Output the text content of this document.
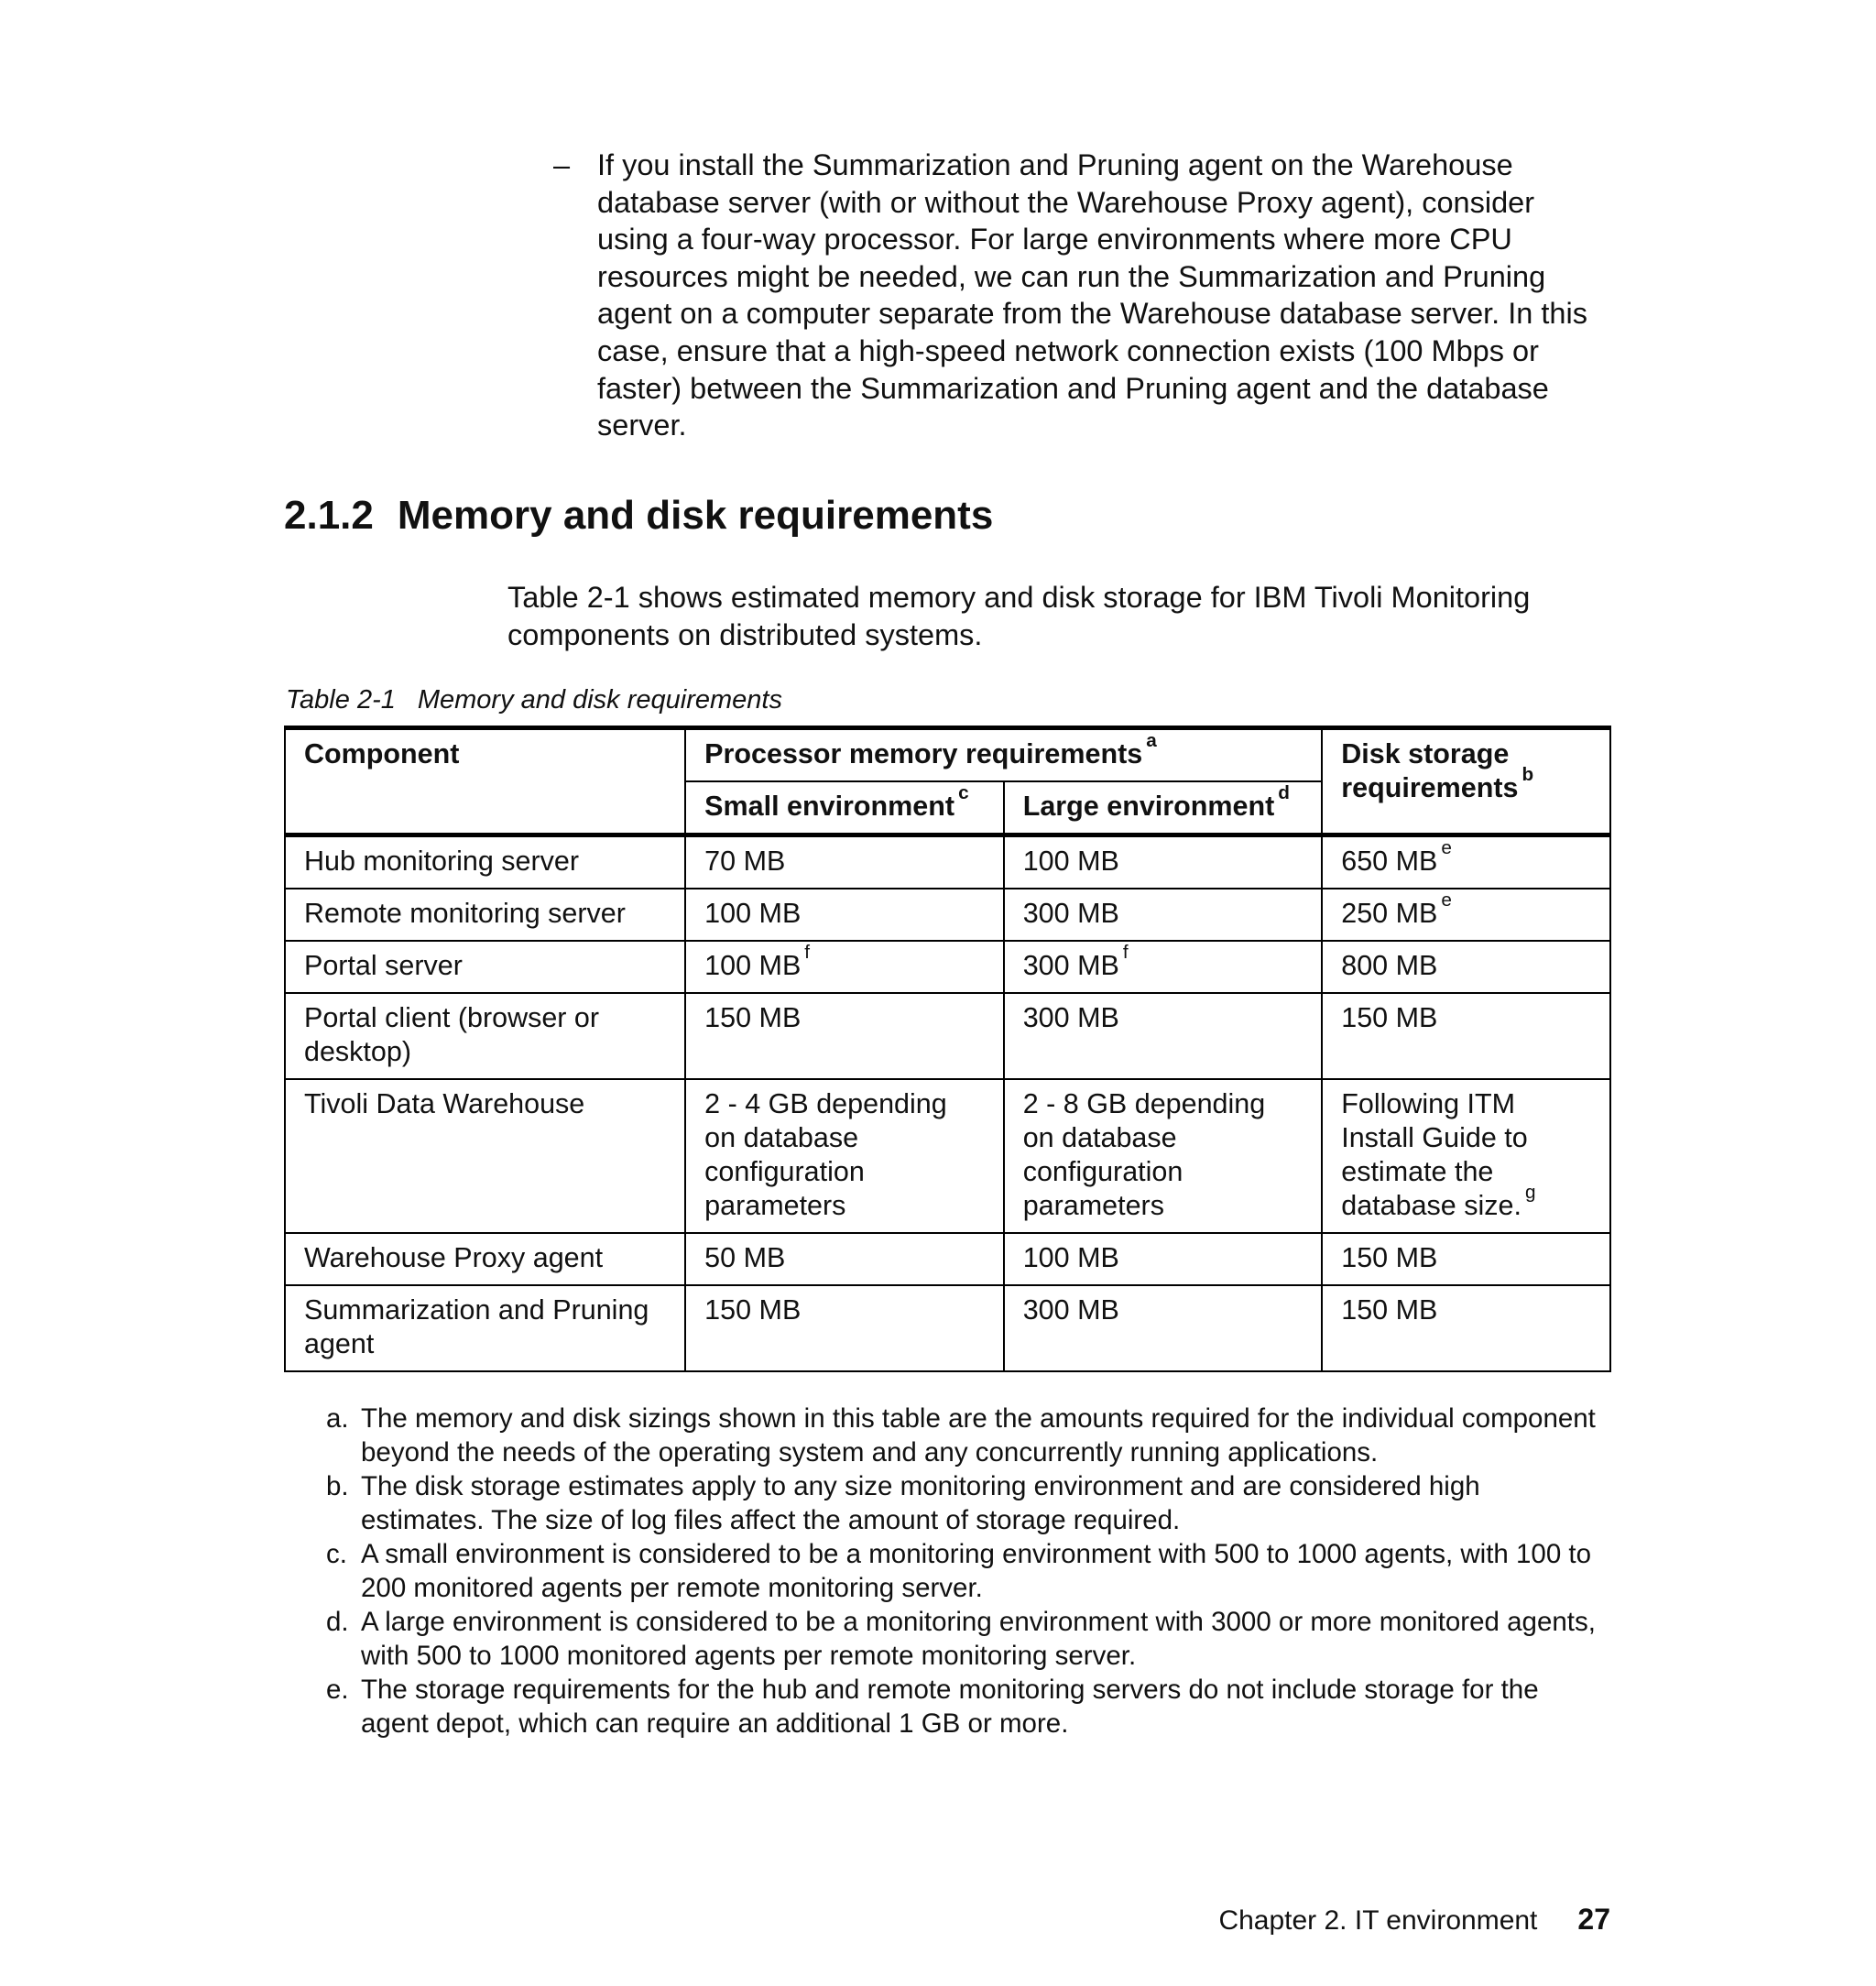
– If you install the Summarization and Pruning agent on the Warehouse database server (with or without the Warehouse Proxy agent), consider using a four-way processor. For large environments where more CPU resources might be needed, we can run the Summarization and Pruning agent on a computer separate from the Warehouse database server. In this case, ensure that a high-speed network connection exists (100 Mbps or faster) between the Summarization and Pruning agent and the database server.
2.1.2 Memory and disk requirements

Table 2-1 shows estimated memory and disk storage for IBM Tivoli Monitoring components on distributed systems.

Table 2-1 Memory and disk requirements
Component	Processor memory requirements $^a$		Disk storage requirements $^b$
	Small environment $^c$	Large environment $^d$
Hub monitoring server	70 MB	100 MB	650 MB $^e$
Remote monitoring server	100 MB	300 MB	250 MB $^e$
Portal server	100 MB $^f$	300 MB $^f$	800 MB
Portal client (browser or desktop)	150 MB	300 MB	150 MB
Tivoli Data Warehouse	2 - 4 GB depending on database configuration parameters	2 - 8 GB depending on database configuration parameters	Following ITM Install Guide to estimate the database size. $^g$
Warehouse Proxy agent	50 MB	100 MB	150 MB
Summarization and Pruning agent	150 MB	300 MB	150 MB
a. The memory and disk sizings shown in this table are the amounts required for the individual component beyond the needs of the operating system and any concurrently running applications.
b. The disk storage estimates apply to any size monitoring environment and are considered high estimates. The size of log files affect the amount of storage required.
c. A small environment is considered to be a monitoring environment with 500 to 1000 agents, with 100 to 200 monitored agents per remote monitoring server.
d. A large environment is considered to be a monitoring environment with 3000 or more monitored agents, with 500 to 1000 monitored agents per remote monitoring server.
e. The storage requirements for the hub and remote monitoring servers do not include storage for the agent depot, which can require an additional 1 GB or more.
Chapter 2. IT environment 27
